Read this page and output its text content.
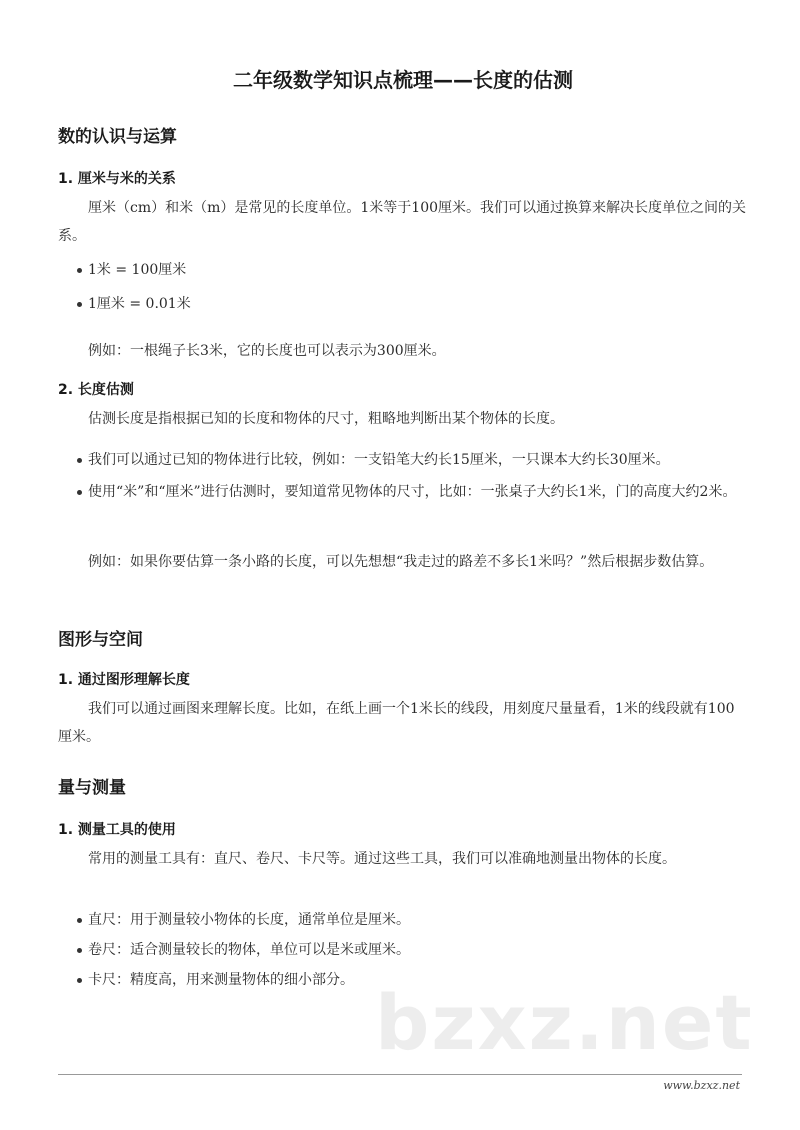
bzxz.net

二年级数学知识点梳理——长度的估测
数的认识与运算
1. 厘米与米的关系

厘米（cm）和米（m）是常见的长度单位。1米等于100厘米。我们可以通过换算来解决长度单位之间的关系。

1米 = 100厘米
1厘米 = 0.01米

例如：一根绳子长3米，它的长度也可以表示为300厘米。

2. 长度估测

估测长度是指根据已知的长度和物体的尺寸，粗略地判断出某个物体的长度。

我们可以通过已知的物体进行比较，例如：一支铅笔大约长15厘米，一只课本大约长30厘米。
使用“米”和“厘米”进行估测时，要知道常见物体的尺寸，比如：一张桌子大约长1米，门的高度大约2米。

例如：如果你要估算一条小路的长度，可以先想想“我走过的路差不多长1米吗？”然后根据步数估算。

图形与空间
1. 通过图形理解长度

我们可以通过画图来理解长度。比如，在纸上画一个1米长的线段，用刻度尺量量看，1米的线段就有100厘米。

量与测量
1. 测量工具的使用

常用的测量工具有：直尺、卷尺、卡尺等。通过这些工具，我们可以准确地测量出物体的长度。

直尺：用于测量较小物体的长度，通常单位是厘米。
卷尺：适合测量较长的物体，单位可以是米或厘米。
卡尺：精度高，用来测量物体的细小部分。

www.bzxz.net
